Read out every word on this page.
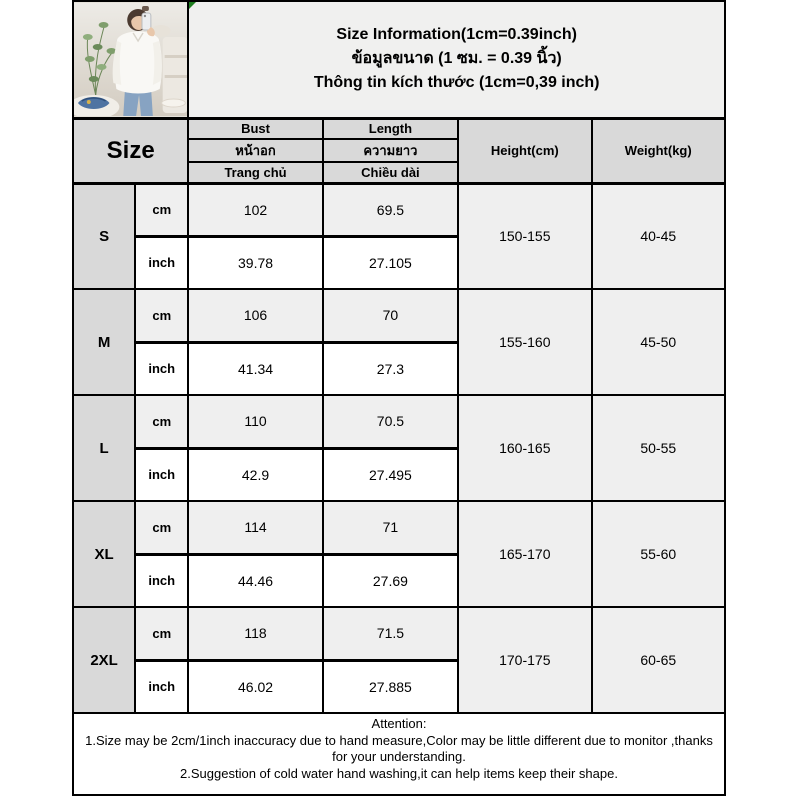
Size Information(1cm=0.39inch)
ข้อมูลขนาด (1 ซม. = 0.39 นิ้ว)
Thông tin kích thước (1cm=0,39 inch)			

Size		Bust	Length	Height(cm)	Weight(kg)
		หน้าอก	ความยาว		
		Trang chủ	Chiều dài		
S	cm	102	69.5	150-155	40-45
	inch	39.78	27.105		
M	cm	106	70	155-160	45-50
	inch	41.34	27.3		
L	cm	110	70.5	160-165	50-55
	inch	42.9	27.495		
XL	cm	114	71	165-170	55-60
	inch	44.46	27.69		
2XL	cm	118	71.5	170-175	60-65
	inch	46.02	27.885		

Attention:
1.Size may be 2cm/1inch inaccuracy due to hand measure,Color may be little different due to monitor ,thanks for your understanding.
2.Suggestion of cold water hand washing,it can help items keep their shape.					
